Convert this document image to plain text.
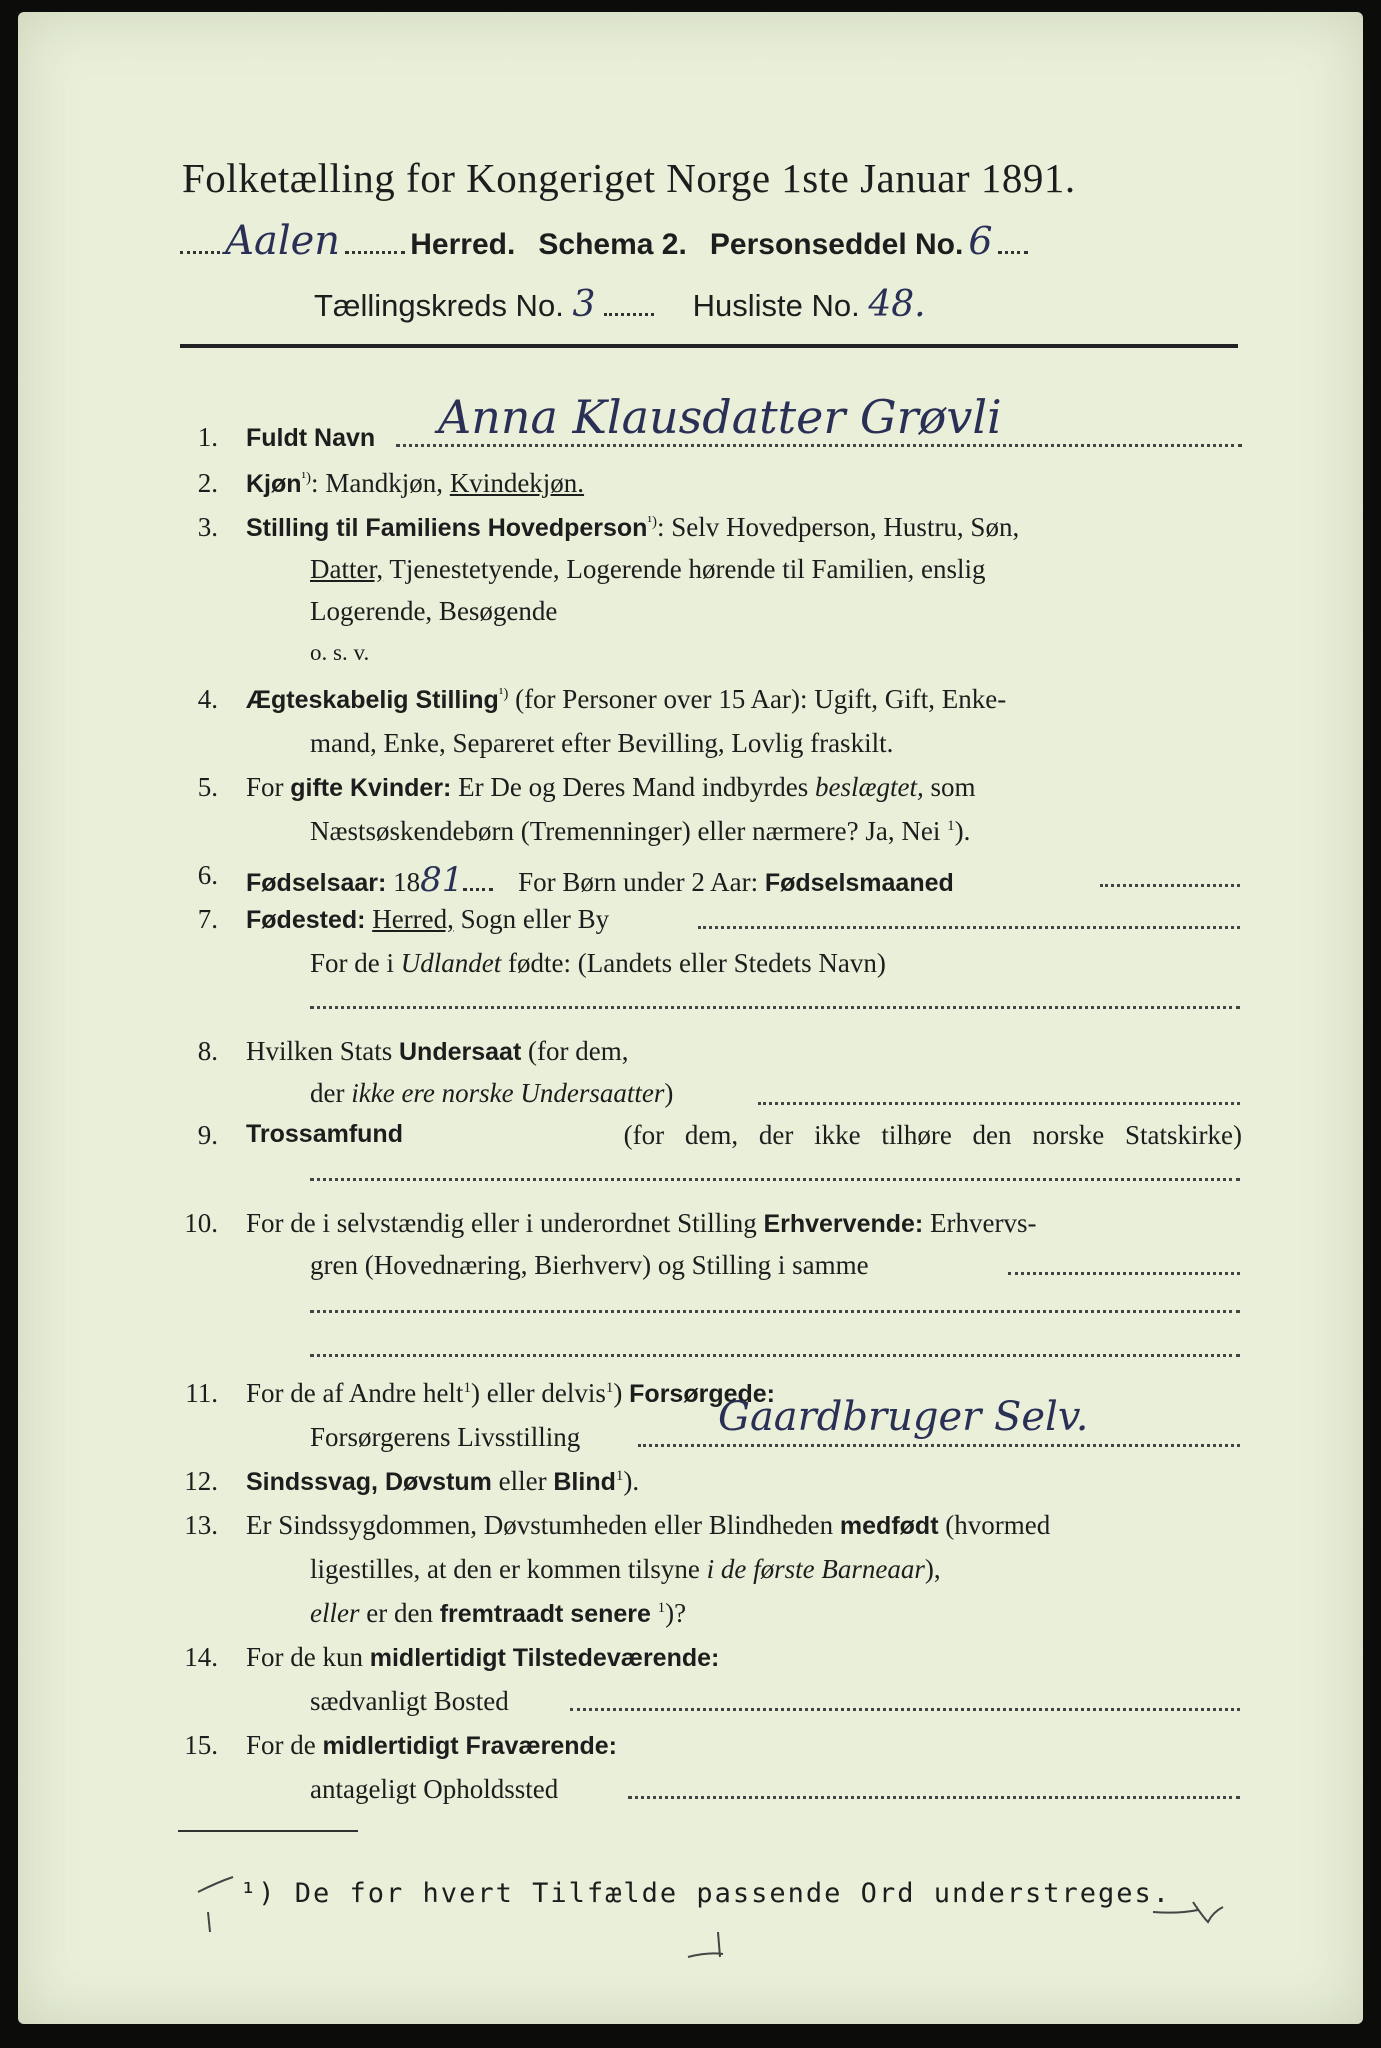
Folketælling for Kongeriget Norge 1ste Januar 1891.
Aalen Herred. Schema 2. Personseddel No. 6
Tællingskreds No. 3	Husliste No. 48.
1. Fuldt Navn Anna Klausdatter Grøvli
2. Kjøn$^{^1)}$: Mandkjøn, Kvindekjøn.
3. Stilling til Familiens Hovedperson$^{^1)}$: Selv Hovedperson, Hustru, Søn,
Datter, Tjenestetyende, Logerende hørende til Familien, enslig
Logerende, Besøgende
o. s. v.
4. Ægteskabelig Stilling$^{^1)}$ (for Personer over 15 Aar): Ugift, Gift, Enke-
mand, Enke, Separeret efter Bevilling, Lovlig fraskilt.
5. For gifte Kvinder: Er De og Deres Mand indbyrdes beslægtet, som
Næstsøskendebørn (Tremenninger) eller nærmere? Ja, Nei $^1$).
6. Fødselsaar: 1881 For Børn under 2 Aar: Fødselsmaaned
7. Fødested: Herred, Sogn eller By
For de i Udlandet fødte: (Landets eller Stedets Navn)
8. Hvilken Stats Undersaat (for dem,
der ikke ere norske Undersaatter)
9. Trossamfund	(for dem, der ikke tilhøre den norske Statskirke)
10. For de i selvstændig eller i underordnet Stilling Erhvervende: Erhvervs-
gren (Hovednæring, Bierhverv) og Stilling i samme
11. For de af Andre helt$^1$) eller delvis$^1$) Forsørgede:
Forsørgerens Livsstilling	Gaardbruger Selv.
12. Sindssvag, Døvstum eller Blind$^1$).
13. Er Sindssygdommen, Døvstumheden eller Blindheden medfødt (hvormed
ligestilles, at den er kommen tilsyne i de første Barneaar),
eller er den fremtraadt senere $^1$)?
14. For de kun midlertidigt Tilstedeværende:
sædvanligt Bosted
15. For de midlertidigt Fraværende:
antageligt Opholdssted
¹) De for hvert Tilfælde passende Ord understreges.
